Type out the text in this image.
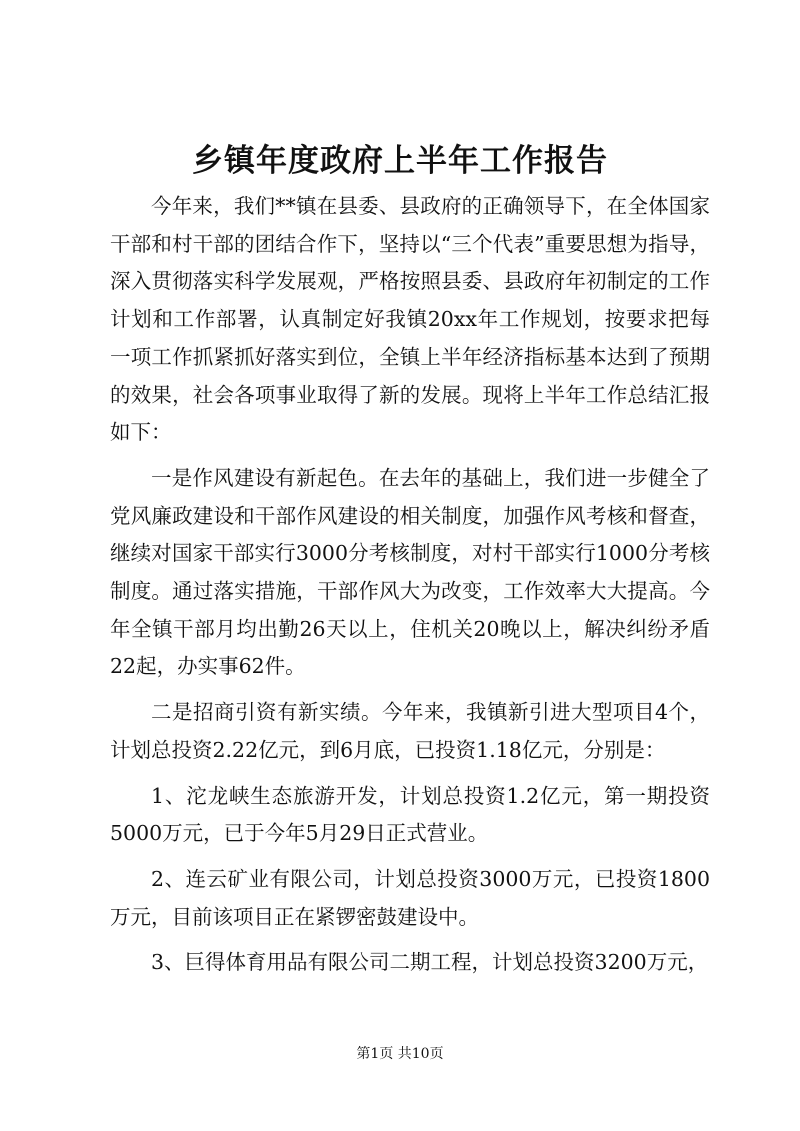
乡镇年度政府上半年工作报告

今年来，我们**镇在县委、县政府的正确领导下，在全体国家干部和村干部的团结合作下，坚持以“三个代表”重要思想为指导，深入贯彻落实科学发展观，严格按照县委、县政府年初制定的工作计划和工作部署，认真制定好我镇20xx年工作规划，按要求把每一项工作抓紧抓好落实到位，全镇上半年经济指标基本达到了预期的效果，社会各项事业取得了新的发展。现将上半年工作总结汇报如下：

一是作风建设有新起色。在去年的基础上，我们进一步健全了党风廉政建设和干部作风建设的相关制度，加强作风考核和督查，继续对国家干部实行3000分考核制度，对村干部实行1000分考核制度。通过落实措施，干部作风大为改变，工作效率大大提高。今年全镇干部月均出勤26天以上，住机关20晚以上，解决纠纷矛盾22起，办实事62件。

二是招商引资有新实绩。今年来，我镇新引进大型项目4个，计划总投资2.22亿元，到6月底，已投资1.18亿元，分别是：

1、沱龙峡生态旅游开发，计划总投资1.2亿元，第一期投资5000万元，已于今年5月29日正式营业。

2、连云矿业有限公司，计划总投资3000万元，已投资1800万元，目前该项目正在紧锣密鼓建设中。

3、巨得体育用品有限公司二期工程，计划总投资3200万元，

第1页 共10页
